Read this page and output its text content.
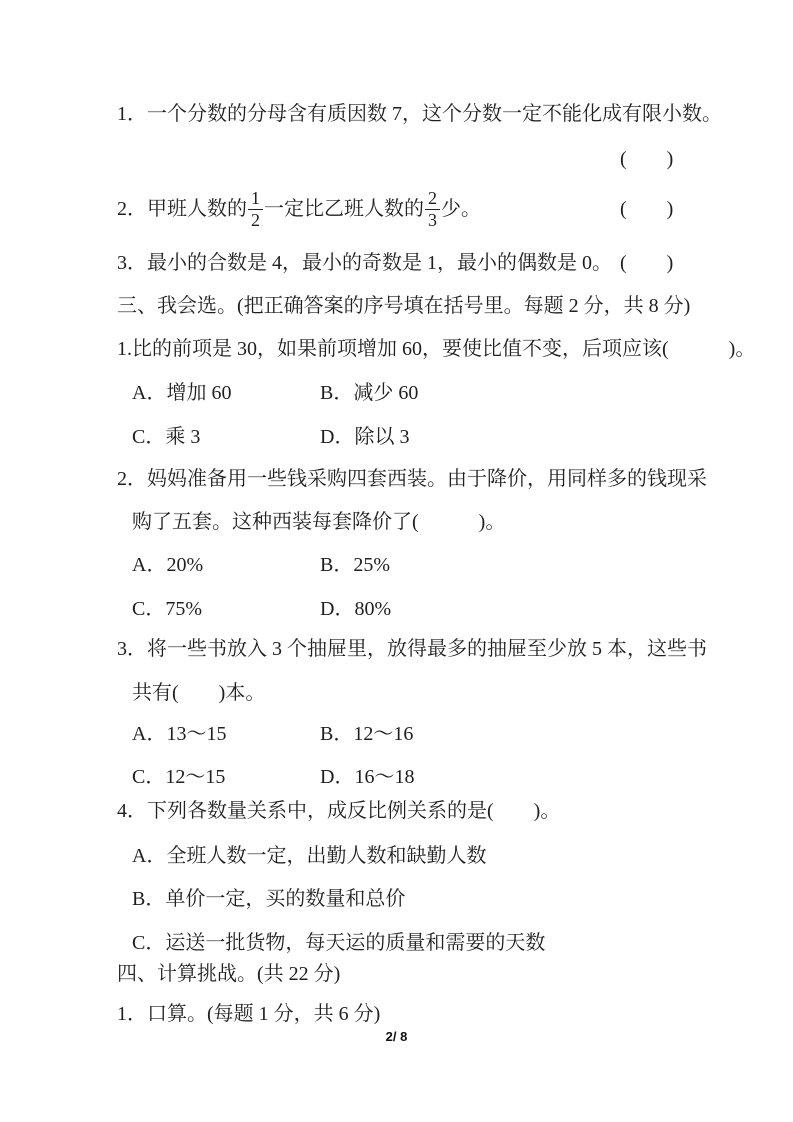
1．一个分数的分母含有质因数 7，这个分数一定不能化成有限小数。
(　　)
2．甲班人数的 $\frac{1}{2}$ 一定比乙班人数的 $\frac{2}{3}$ 少。	(　　)
3．最小的合数是 4，最小的奇数是 1，最小的偶数是 0。 (　　)
三、我会选。(把正确答案的序号填在括号里。每题 2 分，共 8 分)
1.比的前项是 30，如果前项增加 60，要使比值不变，后项应该(　　　)。
A．增加 60	B．减少 60
C．乘 3	D．除以 3
2．妈妈准备用一些钱采购四套西装。由于降价，用同样多的钱现采
购了五套。这种西装每套降价了(　　　)。
A．20%	B．25%
C．75%	D．80%
3．将一些书放入 3 个抽屉里，放得最多的抽屉至少放 5 本，这些书
共有(　　)本。
A．13～15	B．12～16
C．12～15	D．16～18
4．下列各数量关系中，成反比例关系的是(　　)。
A．全班人数一定，出勤人数和缺勤人数
B．单价一定，买的数量和总价
C．运送一批货物，每天运的质量和需要的天数
四、计算挑战。(共 22 分)
1．口算。(每题 1 分，共 6 分)
2/ 8
